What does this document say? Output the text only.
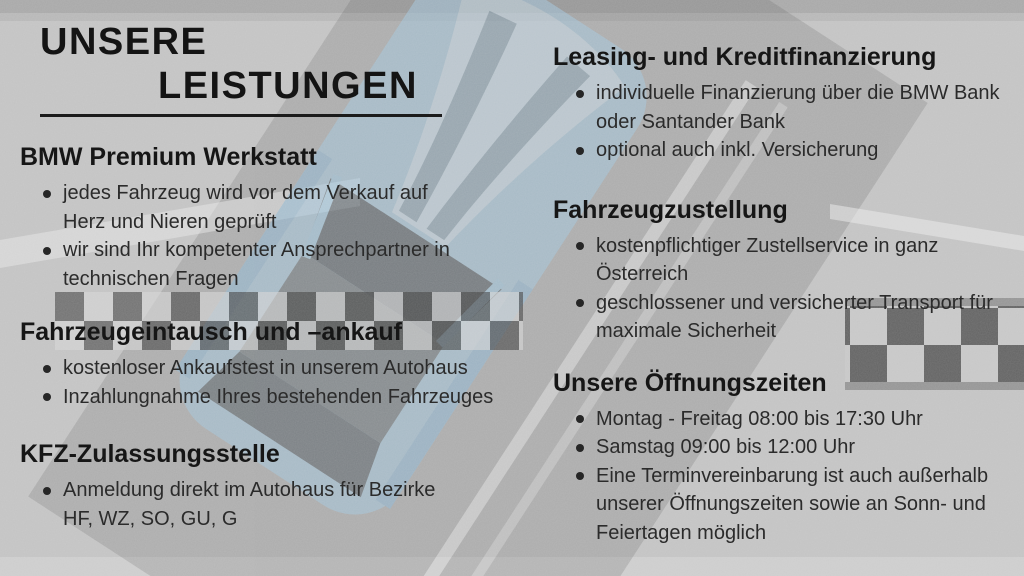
UNSERE
LEISTUNGEN
BMW Premium Werkstatt
jedes Fahrzeug wird vor dem Verkauf auf
Herz und Nieren geprüft
wir sind Ihr kompetenter Ansprechpartner in
technischen Fragen
Fahrzeugeintausch und –ankauf
kostenloser Ankaufstest in unserem Autohaus
Inzahlungnahme Ihres bestehenden Fahrzeuges
KFZ-Zulassungsstelle
Anmeldung direkt im Autohaus für Bezirke
HF, WZ, SO, GU, G
Leasing- und Kreditfinanzierung
individuelle Finanzierung über die BMW Bank
oder Santander Bank
optional auch inkl. Versicherung
Fahrzeugzustellung
kostenpflichtiger Zustellservice in ganz
Österreich
geschlossener und versicherter Transport für
maximale Sicherheit
Unsere Öffnungszeiten
Montag - Freitag 08:00 bis 17:30 Uhr
Samstag 09:00 bis 12:00 Uhr
Eine Terminvereinbarung ist auch außerhalb
unserer Öffnungszeiten sowie an Sonn- und
Feiertagen möglich
